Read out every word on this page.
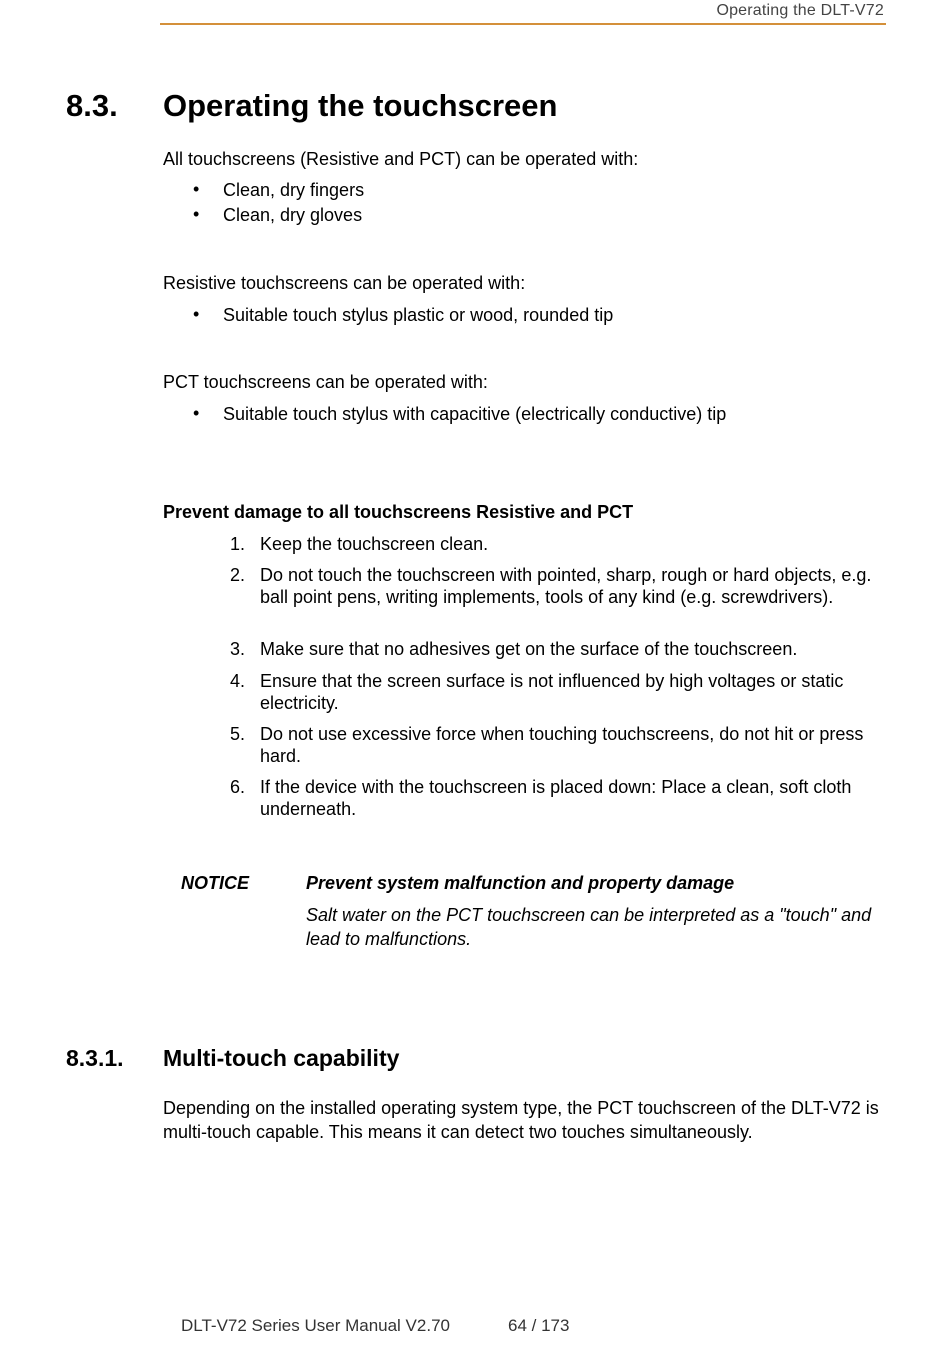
Operating the DLT-V72
8.3. Operating the touchscreen
All touchscreens (Resistive and PCT) can be operated with:
• Clean, dry fingers
• Clean, dry gloves
Resistive touchscreens can be operated with:
• Suitable touch stylus plastic or wood, rounded tip
PCT touchscreens can be operated with:
• Suitable touch stylus with capacitive (electrically conductive) tip
Prevent damage to all touchscreens Resistive and PCT
1. Keep the touchscreen clean.
2. Do not touch the touchscreen with pointed, sharp, rough or hard objects, e.g. ball point pens, writing implements, tools of any kind (e.g. screwdrivers).
3. Make sure that no adhesives get on the surface of the touchscreen.
4. Ensure that the screen surface is not influenced by high voltages or static electricity.
5. Do not use excessive force when touching touchscreens, do not hit or press hard.
6. If the device with the touchscreen is placed down: Place a clean, soft cloth underneath.
NOTICE	Prevent system malfunction and property damage
Salt water on the PCT touchscreen can be interpreted as a "touch" and lead to malfunctions.
8.3.1. Multi-touch capability
Depending on the installed operating system type, the PCT touchscreen of the DLT-V72 is multi-touch capable. This means it can detect two touches simultaneously.
DLT-V72 Series User Manual V2.70	64 / 173
